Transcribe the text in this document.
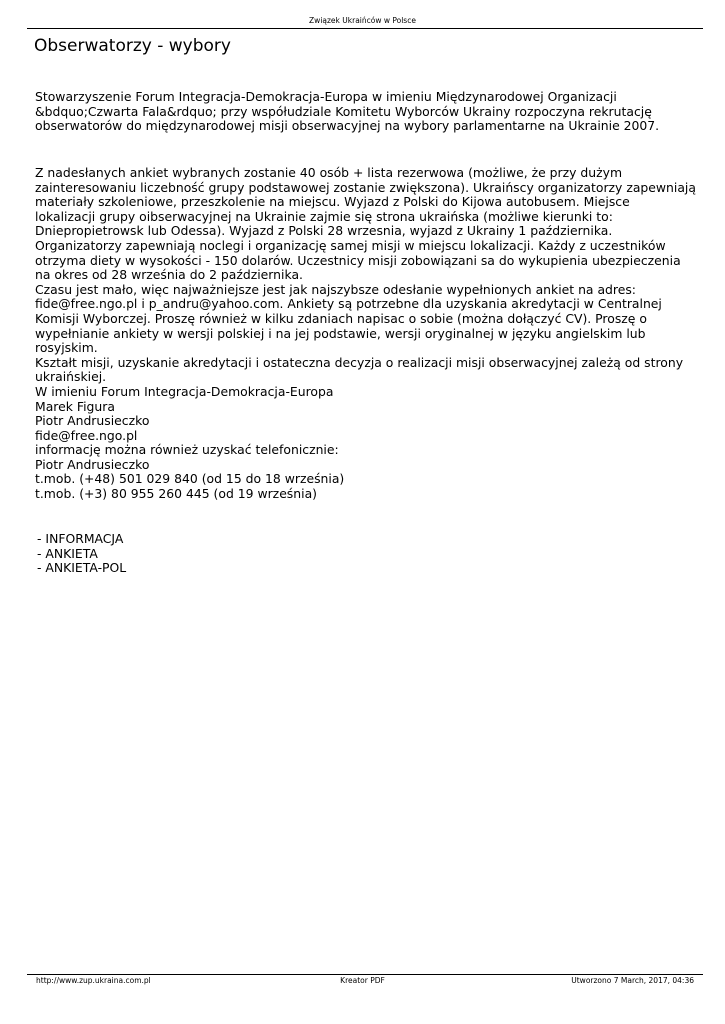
Związek Ukraińców w Polsce
Obserwatorzy - wybory
Stowarzyszenie Forum Integracja-Demokracja-Europa w imieniu Międzynarodowej Organizacji
&bdquo;Czwarta Fala&rdquo; przy współudziale Komitetu Wyborców Ukrainy rozpoczyna rekrutację
obserwatorów do międzynarodowej misji obserwacyjnej na wybory parlamentarne na Ukrainie 2007.
Z nadesłanych ankiet wybranych zostanie 40 osób + lista rezerwowa (możliwe, że przy dużym
zainteresowaniu liczebność grupy podstawowej zostanie zwiększona). Ukraińscy organizatorzy zapewniają
materiały szkoleniowe, przeszkolenie na miejscu. Wyjazd z Polski do Kijowa autobusem. Miejsce
lokalizacji grupy oibserwacyjnej na Ukrainie zajmie się strona ukraińska (możliwe kierunki to:
Dnieprop​ietrowsk lub Odessa). Wyjazd z Polski 28 wrzesnia, wyjazd z Ukrainy 1 października.
Organizatorzy zapewniają noclegi i organizację samej misji w miejscu lokalizacji. Każdy z uczestników
otrzyma diety w wysokości - 150 dolarów. Uczestnicy misji zobowiązani sa do wykupienia ubezpieczenia
na okres od 28 września do 2 października.
Czasu jest mało, więc najważniejsze jest jak najszybsze odesłanie wypełnionych ankiet na adres:
fide@free.ngo.pl i p_andru@yahoo.com. Ankiety są potrzebne dla uzyskania akredytacji w Centralnej
Komisji Wyborczej. Proszę również w kilku zdaniach napisac o sobie (można dołączyć CV). Proszę o
wypełnianie ankiety w wersji polskiej i na jej podstawie, wersji oryginalnej w języku angielskim lub
rosyjskim.
Kształt misji, uzyskanie akredytacji i ostateczna decyzja o realizacji misji obserwacyjnej zależą od strony
ukraińskiej.
W imieniu Forum Integracja-Demokracja-Europa
Marek Figura
Piotr Andrusieczko
fide@free.ngo.pl
informację można również uzyskać telefonicznie:
Piotr Andrusieczko
t.mob. (+48) 501 029 840 (od 15 do 18 września)
t.mob. (+3) 80 955 260 445 (od 19 września)
- INFORMACJA
- ANKIETA
- ANKIETA-POL
http://www.zup.ukraina.com.pl	Kreator PDF	Utworzono 7 March, 2017, 04:36
